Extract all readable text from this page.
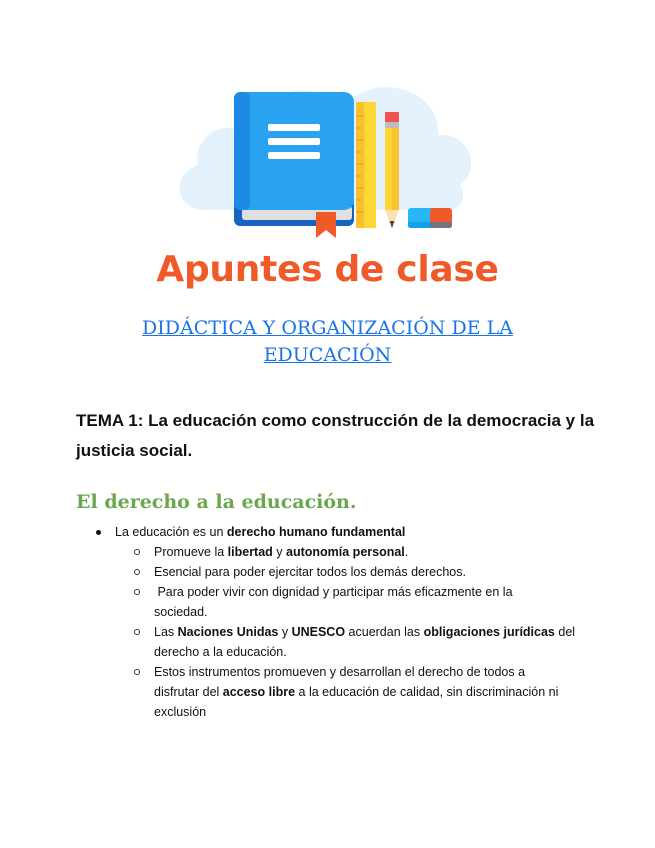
Apuntes de clase
DIDÁCTICA Y ORGANIZACIÓN DE LA
EDUCACIÓN
TEMA 1: La educación como construcción de la democracia y la justicia social.
El derecho a la educación.
La educación es un derecho humano fundamental
Promueve la libertad y autonomía personal.
Esencial para poder ejercitar todos los demás derechos.
Para poder vivir con dignidad y participar más eficazmente en la
sociedad.
Las Naciones Unidas y UNESCO acuerdan las obligaciones jurídicas del
derecho a la educación.
Estos instrumentos promueven y desarrollan el derecho de todos a
disfrutar del acceso libre a la educación de calidad, sin discriminación ni
exclusión
